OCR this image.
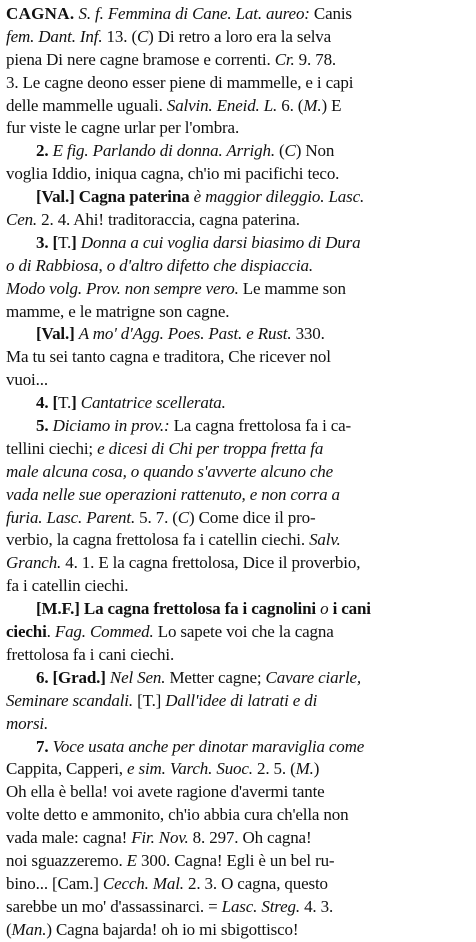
CAGNA. S. f. Femmina di Cane. Lat. aureo: Canis
fem. Dant. Inf. 13. (C) Di retro a loro era la selva
piena Di nere cagne bramose e correnti. Cr. 9. 78.
3. Le cagne deono esser piene di mammelle, e i capi
delle mammelle uguali. Salvin. Eneid. L. 6. (M.) E
fur viste le cagne urlar per l'ombra.
2. E fig. Parlando di donna. Arrigh. (C) Non
voglia Iddio, iniqua cagna, ch'io mi pacifichi teco.
[Val.] Cagna paterina è maggior dileggio. Lasc.
Cen. 2. 4. Ahi! traditoraccia, cagna paterina.
3. [T.] Donna a cui voglia darsi biasimo di Dura
o di Rabbiosa, o d'altro difetto che dispiaccia.
Modo volg. Prov. non sempre vero. Le mamme son
mamme, e le matrigne son cagne.
[Val.] A mo' d'Agg. Poes. Past. e Rust. 330.
Ma tu sei tanto cagna e traditora, Che ricever nol
vuoi...
4. [T.] Cantatrice scellerata.
5. Diciamo in prov.: La cagna frettolosa fa i ca-
tellini ciechi; e dicesi di Chi per troppa fretta fa
male alcuna cosa, o quando s'avverte alcuno che
vada nelle sue operazioni rattenuto, e non corra a
furia. Lasc. Parent. 5. 7. (C) Come dice il pro-
verbio, la cagna frettolosa fa i catellin ciechi. Salv.
Granch. 4. 1. E la cagna frettolosa, Dice il proverbio,
fa i catellin ciechi.
[M.F.] La cagna frettolosa fa i cagnolini o i cani
ciechi. Fag. Commed. Lo sapete voi che la cagna
frettolosa fa i cani ciechi.
6. [Grad.] Nel Sen. Metter cagne; Cavare ciarle,
Seminare scandali. [T.] Dall'idee di latrati e di
morsi.
7. Voce usata anche per dinotar maraviglia come
Cappita, Capperi, e sim. Varch. Suoc. 2. 5. (M.)
Oh ella è bella! voi avete ragione d'avermi tante
volte detto e ammonito, ch'io abbia cura ch'ella non
vada male: cagna! Fir. Nov. 8. 297. Oh cagna!
noi sguazzeremo. E 300. Cagna! Egli è un bel ru-
bino... [Cam.] Cecch. Mal. 2. 3. O cagna, questo
sarebbe un mo' d'assassinarci. = Lasc. Streg. 4. 3.
(Man.) Cagna bajarda! oh io mi sbigottisco!
